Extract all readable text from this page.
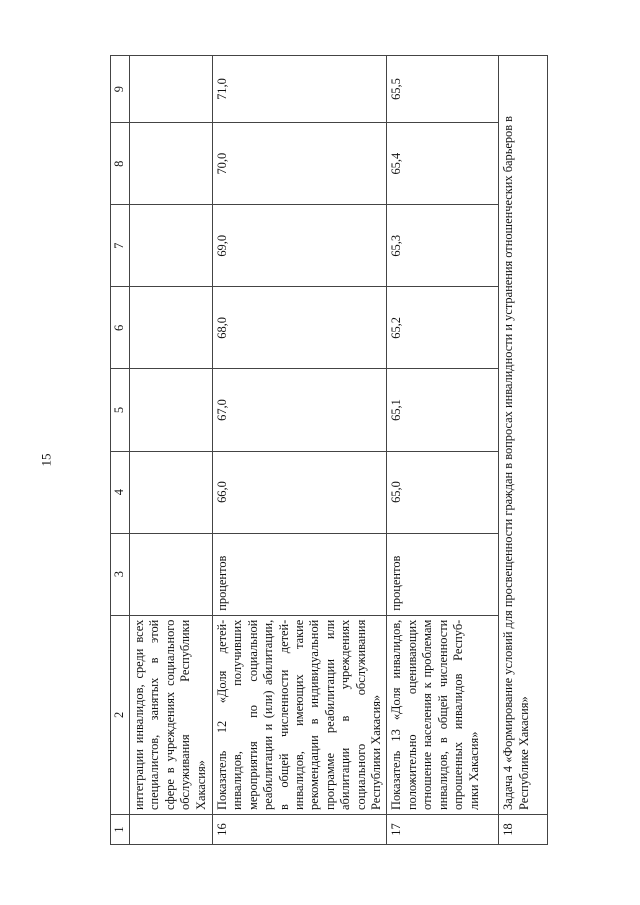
15
1	2	3	4	5	6	7	8	9
	интеграции инвалидов, среди всех специалистов, занятых в этой сфере в учреждениях социального обслуживания Республики Хакасия»							
16	Показатель 12 «Доля детей-инвалидов, получивших мероприятия по социальной реабилитации и (или) абилитации, в общей численности детей-инвалидов, имеющих такие рекомендации в индивидуальной программе реабилитации или абилитации в учреждениях социального обслуживания Республики Хакасия»	процентов	66,0	67,0	68,0	69,0	70,0	71,0
17	Показатель 13 «Доля инвалидов, положительно оценивающих отношение населения к проблемам инвалидов, в общей численности опрошенных инвалидов Респуб-лики Хакасия»	процентов	65,0	65,1	65,2	65,3	65,4	65,5
18	Задача 4 «Формирование условий для просвещенности граждан в вопросах инвалидности и устранения отношенческих барьеров в Республике Хакасия»							
